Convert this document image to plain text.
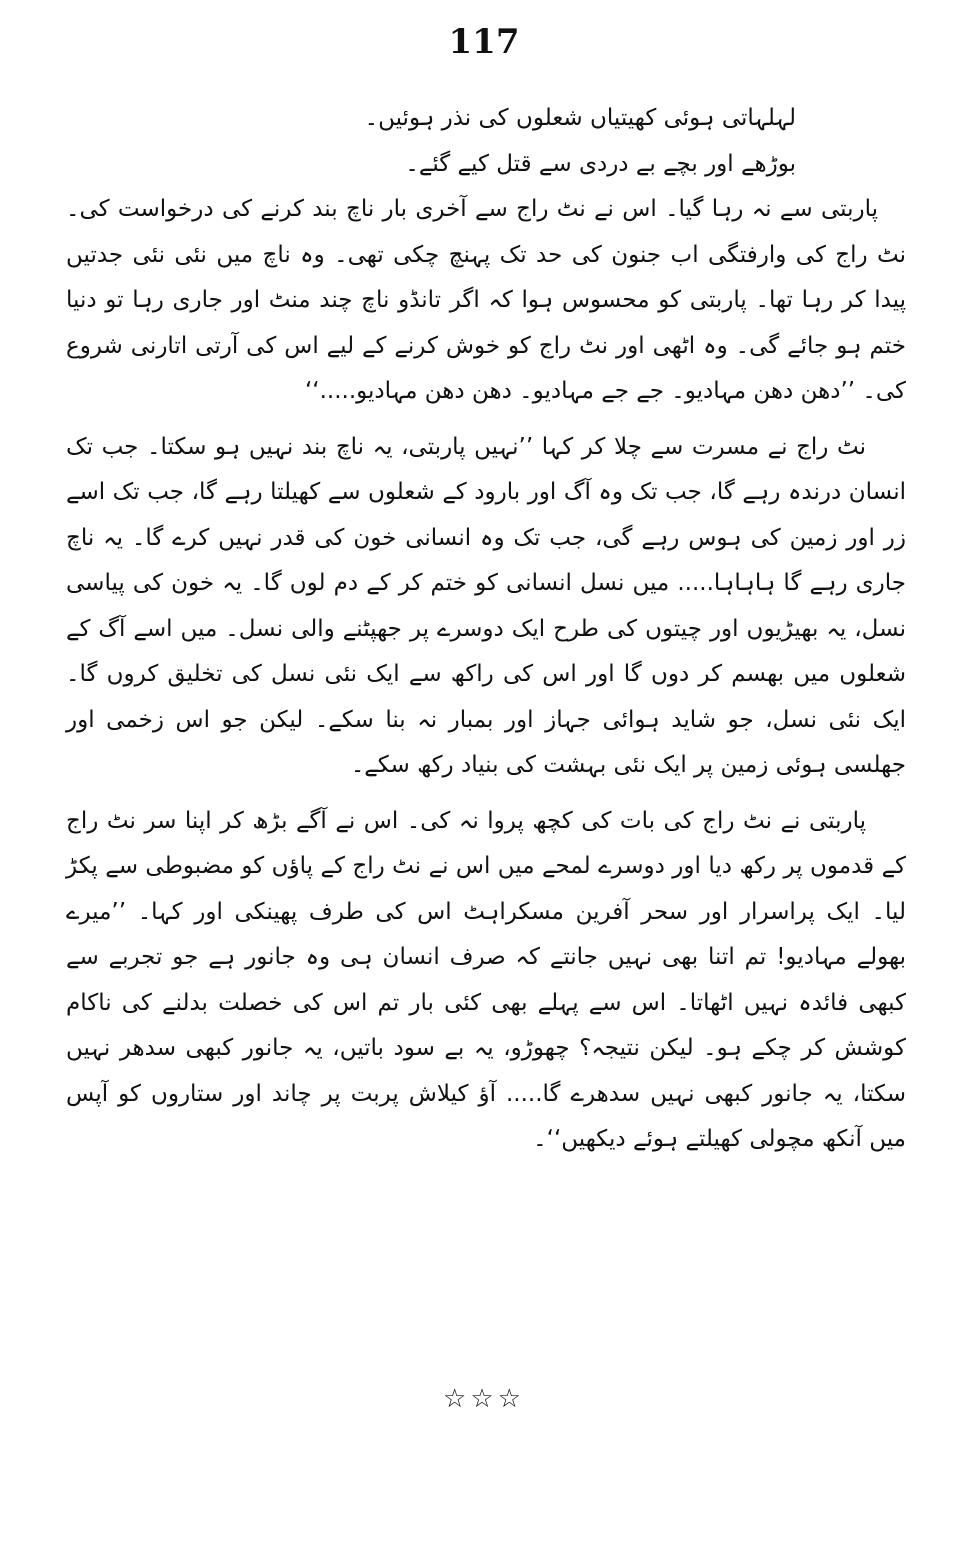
117

لہلہاتی ہوئی کھیتیاں شعلوں کی نذر ہوئیں۔

بوڑھے اور بچے بے دردی سے قتل کیے گئے۔

پاربتی سے نہ رہا گیا۔ اس نے نٹ راج سے آخری بار ناچ بند کرنے کی درخواست کی۔ نٹ راج کی وارفتگی اب جنون کی حد تک پہنچ چکی تھی۔ وہ ناچ میں نئی نئی جدتیں پیدا کر رہا تھا۔ پاربتی کو محسوس ہوا کہ اگر تانڈو ناچ چند منٹ اور جاری رہا تو دنیا ختم ہو جائے گی۔ وہ اٹھی اور نٹ راج کو خوش کرنے کے لیے اس کی آرتی اتارنی شروع کی۔ ’’دھن دھن مہادیو۔ جے جے مہادیو۔ دھن دھن مہادیو.....‘‘

نٹ راج نے مسرت سے چلا کر کہا ’’نہیں پاربتی، یہ ناچ بند نہیں ہو سکتا۔ جب تک انسان درندہ رہے گا، جب تک وہ آگ اور بارود کے شعلوں سے کھیلتا رہے گا، جب تک اسے زر اور زمین کی ہوس رہے گی، جب تک وہ انسانی خون کی قدر نہیں کرے گا۔ یہ ناچ جاری رہے گا ہاہاہا..... میں نسل انسانی کو ختم کر کے دم لوں گا۔ یہ خون کی پیاسی نسل، یہ بھیڑیوں اور چیتوں کی طرح ایک دوسرے پر جھپٹنے والی نسل۔ میں اسے آگ کے شعلوں میں بھسم کر دوں گا اور اس کی راکھ سے ایک نئی نسل کی تخلیق کروں گا۔ ایک نئی نسل، جو شاید ہوائی جہاز اور بمبار نہ بنا سکے۔ لیکن جو اس زخمی اور جھلسی ہوئی زمین پر ایک نئی بہشت کی بنیاد رکھ سکے۔

پاربتی نے نٹ راج کی بات کی کچھ پروا نہ کی۔ اس نے آگے بڑھ کر اپنا سر نٹ راج کے قدموں پر رکھ دیا اور دوسرے لمحے میں اس نے نٹ راج کے پاؤں کو مضبوطی سے پکڑ لیا۔ ایک پراسرار اور سحر آفرین مسکراہٹ اس کی طرف پھینکی اور کہا۔ ’’میرے بھولے مہادیو! تم اتنا بھی نہیں جانتے کہ صرف انسان ہی وہ جانور ہے جو تجربے سے کبھی فائدہ نہیں اٹھاتا۔ اس سے پہلے بھی کئی بار تم اس کی خصلت بدلنے کی ناکام کوشش کر چکے ہو۔ لیکن نتیجہ؟ چھوڑو، یہ بے سود باتیں، یہ جانور کبھی سدھر نہیں سکتا، یہ جانور کبھی نہیں سدھرے گا..... آؤ کیلاش پربت پر چاند اور ستاروں کو آپس میں آنکھ مچولی کھیلتے ہوئے دیکھیں‘‘۔

☆☆☆
